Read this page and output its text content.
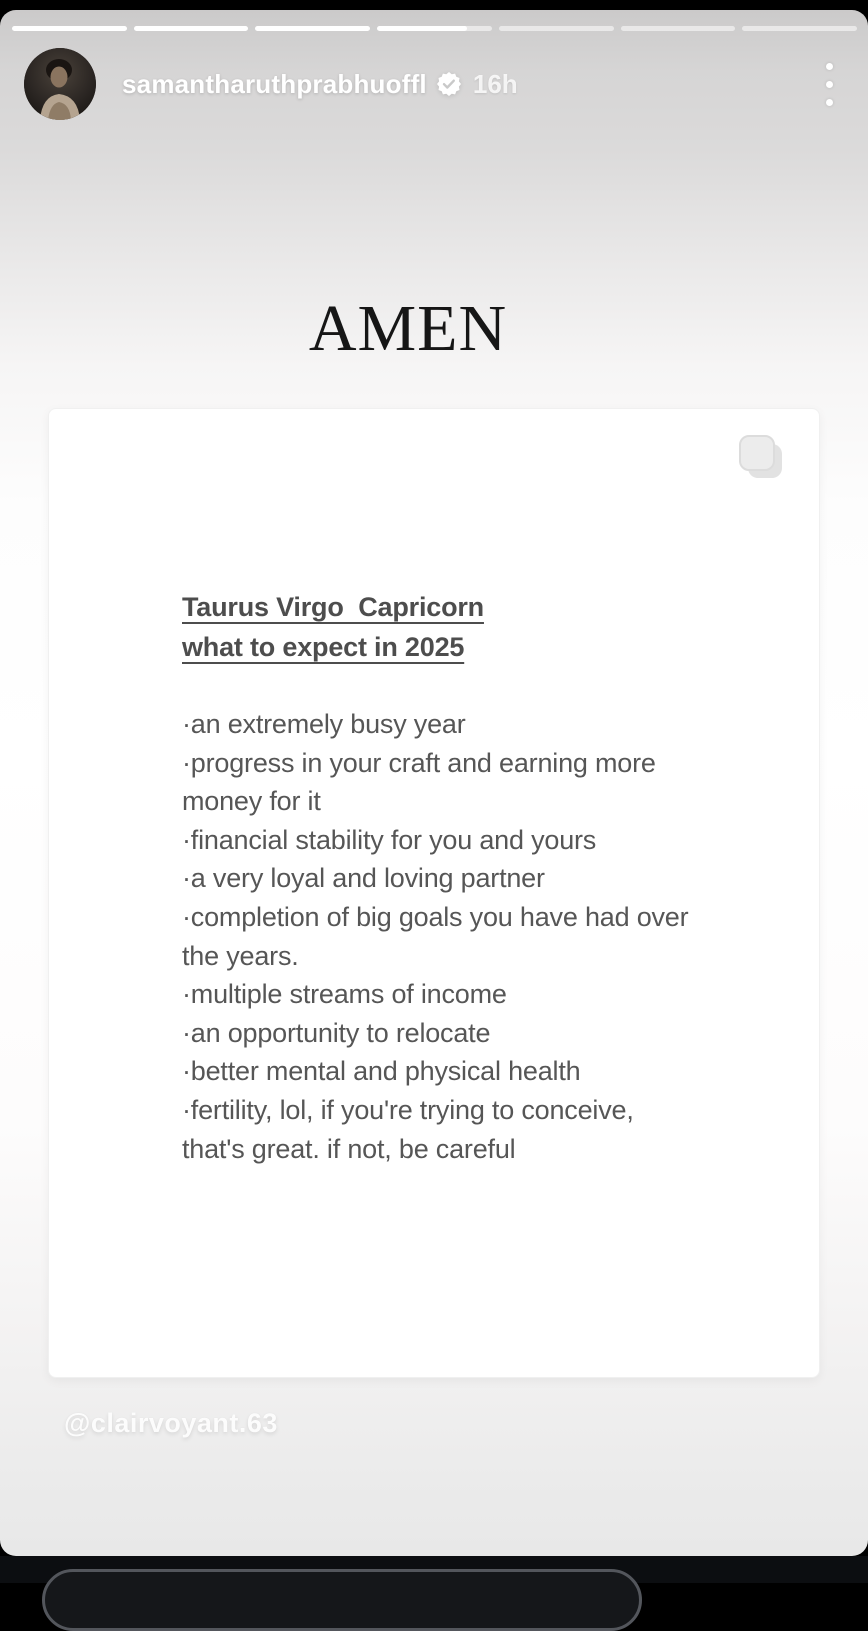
samantharuthprabhuoffl 16h
AMEN
Taurus Virgo  Capricorn
what to expect in 2025
·an extremely busy year
·progress in your craft and earning more
money for it
·financial stability for you and yours
·a very loyal and loving partner
·completion of big goals you have had over
the years.
·multiple streams of income
·an opportunity to relocate
·better mental and physical health
·fertility, lol, if you're trying to conceive,
that's great. if not, be careful
@clairvoyant.63
